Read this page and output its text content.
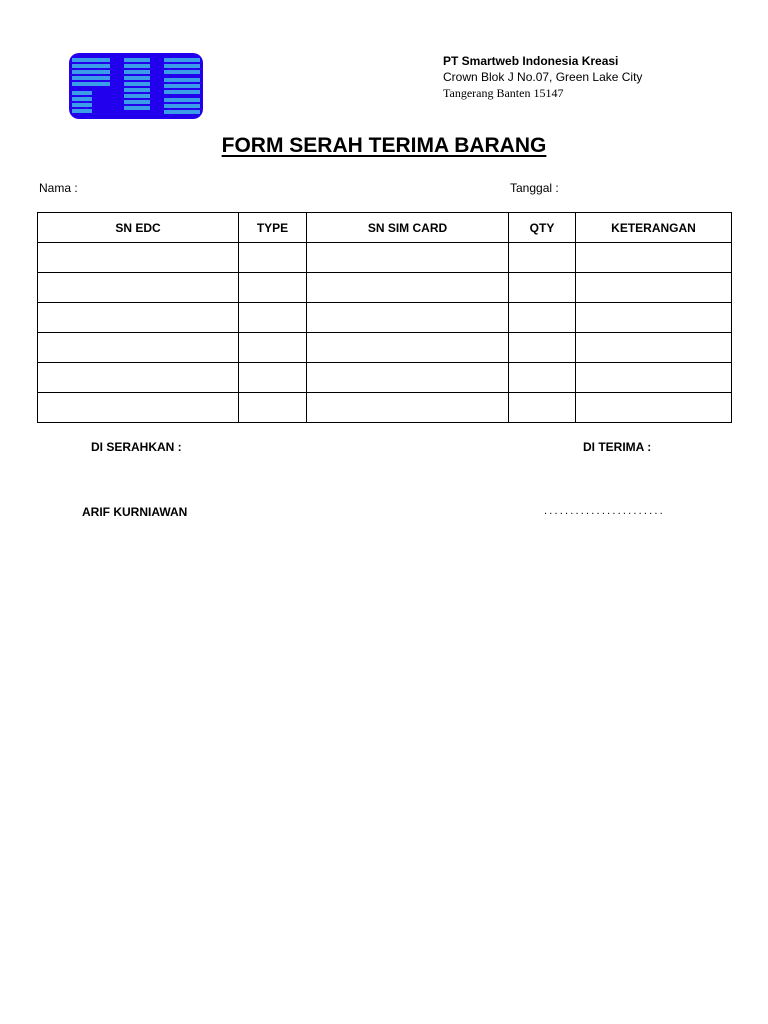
PT Smartweb Indonesia Kreasi
Crown Blok J No.07, Green Lake City
Tangerang Banten 15147
FORM SERAH TERIMA BARANG
Nama :	Tanggal :
SN EDC	TYPE	SN SIM CARD	QTY	KETERANGAN

DI SERAHKAN :	DI TERIMA :
ARIF KURNIAWAN	.......................
